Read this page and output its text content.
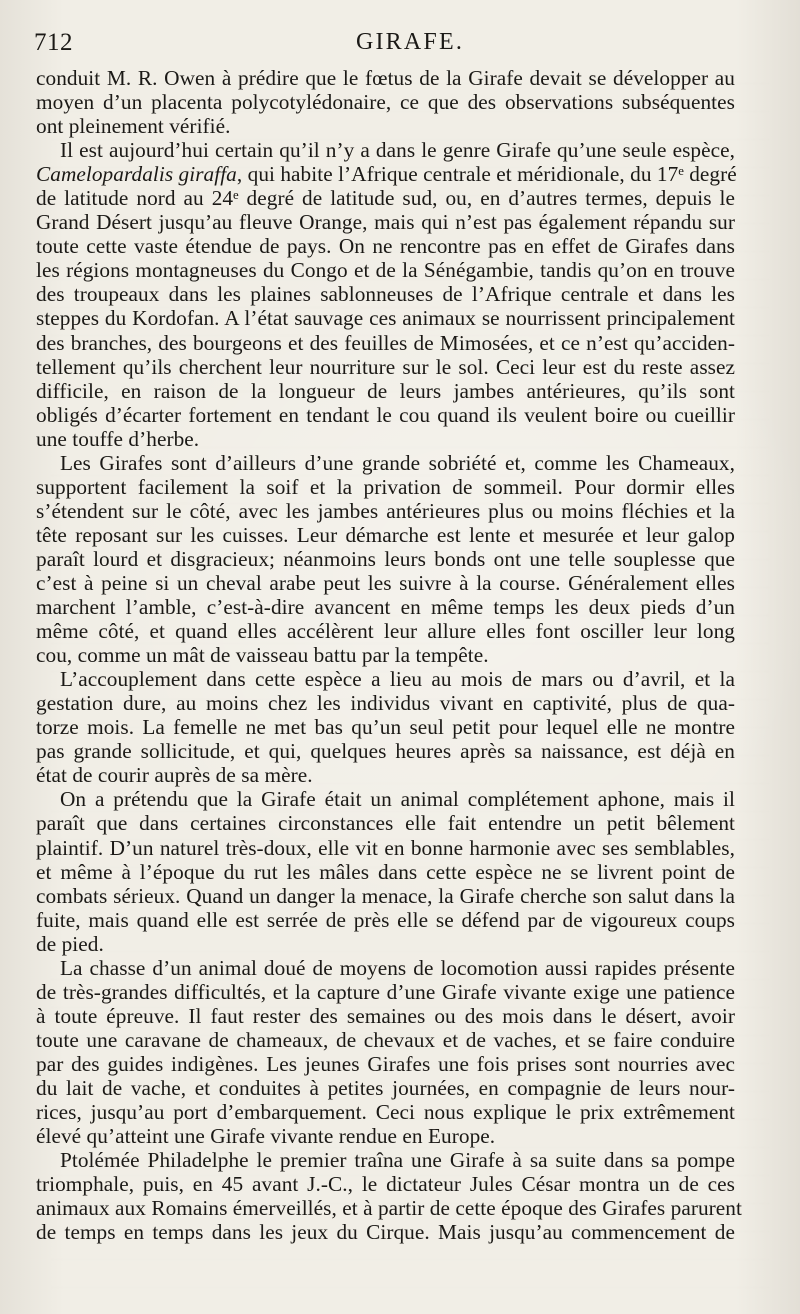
712	GIRAFE.
conduit M. R. Owen à prédire que le fœtus de la Girafe devait se développer au
moyen d’un placenta polycotylédonaire, ce que des observations subséquentes
ont pleinement vérifié.
Il est aujourd’hui certain qu’il n’y a dans le genre Girafe qu’une seule espèce,
Camelopardalis giraffa, qui habite l’Afrique centrale et méridionale, du 17ᵉ degré
de latitude nord au 24ᵉ degré de latitude sud, ou, en d’autres termes, depuis le
Grand Désert jusqu’au fleuve Orange, mais qui n’est pas également répandu sur
toute cette vaste étendue de pays. On ne rencontre pas en effet de Girafes dans
les régions montagneuses du Congo et de la Sénégambie, tandis qu’on en trouve
des troupeaux dans les plaines sablonneuses de l’Afrique centrale et dans les
steppes du Kordofan. A l’état sauvage ces animaux se nourrissent principalement
des branches, des bourgeons et des feuilles de Mimosées, et ce n’est qu’acciden-
tellement qu’ils cherchent leur nourriture sur le sol. Ceci leur est du reste assez
difficile, en raison de la longueur de leurs jambes antérieures, qu’ils sont
obligés d’écarter fortement en tendant le cou quand ils veulent boire ou cueillir
une touffe d’herbe.
Les Girafes sont d’ailleurs d’une grande sobriété et, comme les Chameaux,
supportent facilement la soif et la privation de sommeil. Pour dormir elles
s’étendent sur le côté, avec les jambes antérieures plus ou moins fléchies et la
tête reposant sur les cuisses. Leur démarche est lente et mesurée et leur galop
paraît lourd et disgracieux; néanmoins leurs bonds ont une telle souplesse que
c’est à peine si un cheval arabe peut les suivre à la course. Généralement elles
marchent l’amble, c’est-à-dire avancent en même temps les deux pieds d’un
même côté, et quand elles accélèrent leur allure elles font osciller leur long
cou, comme un mât de vaisseau battu par la tempête.
L’accouplement dans cette espèce a lieu au mois de mars ou d’avril, et la
gestation dure, au moins chez les individus vivant en captivité, plus de qua-
torze mois. La femelle ne met bas qu’un seul petit pour lequel elle ne montre
pas grande sollicitude, et qui, quelques heures après sa naissance, est déjà en
état de courir auprès de sa mère.
On a prétendu que la Girafe était un animal complétement aphone, mais il
paraît que dans certaines circonstances elle fait entendre un petit bêlement
plaintif. D’un naturel très-doux, elle vit en bonne harmonie avec ses semblables,
et même à l’époque du rut les mâles dans cette espèce ne se livrent point de
combats sérieux. Quand un danger la menace, la Girafe cherche son salut dans la
fuite, mais quand elle est serrée de près elle se défend par de vigoureux coups
de pied.
La chasse d’un animal doué de moyens de locomotion aussi rapides présente
de très-grandes difficultés, et la capture d’une Girafe vivante exige une patience
à toute épreuve. Il faut rester des semaines ou des mois dans le désert, avoir
toute une caravane de chameaux, de chevaux et de vaches, et se faire conduire
par des guides indigènes. Les jeunes Girafes une fois prises sont nourries avec
du lait de vache, et conduites à petites journées, en compagnie de leurs nour-
rices, jusqu’au port d’embarquement. Ceci nous explique le prix extrêmement
élevé qu’atteint une Girafe vivante rendue en Europe.
Ptolémée Philadelphe le premier traîna une Girafe à sa suite dans sa pompe
triomphale, puis, en 45 avant J.-C., le dictateur Jules César montra un de ces
animaux aux Romains émerveillés, et à partir de cette époque des Girafes parurent
de temps en temps dans les jeux du Cirque. Mais jusqu’au commencement de
